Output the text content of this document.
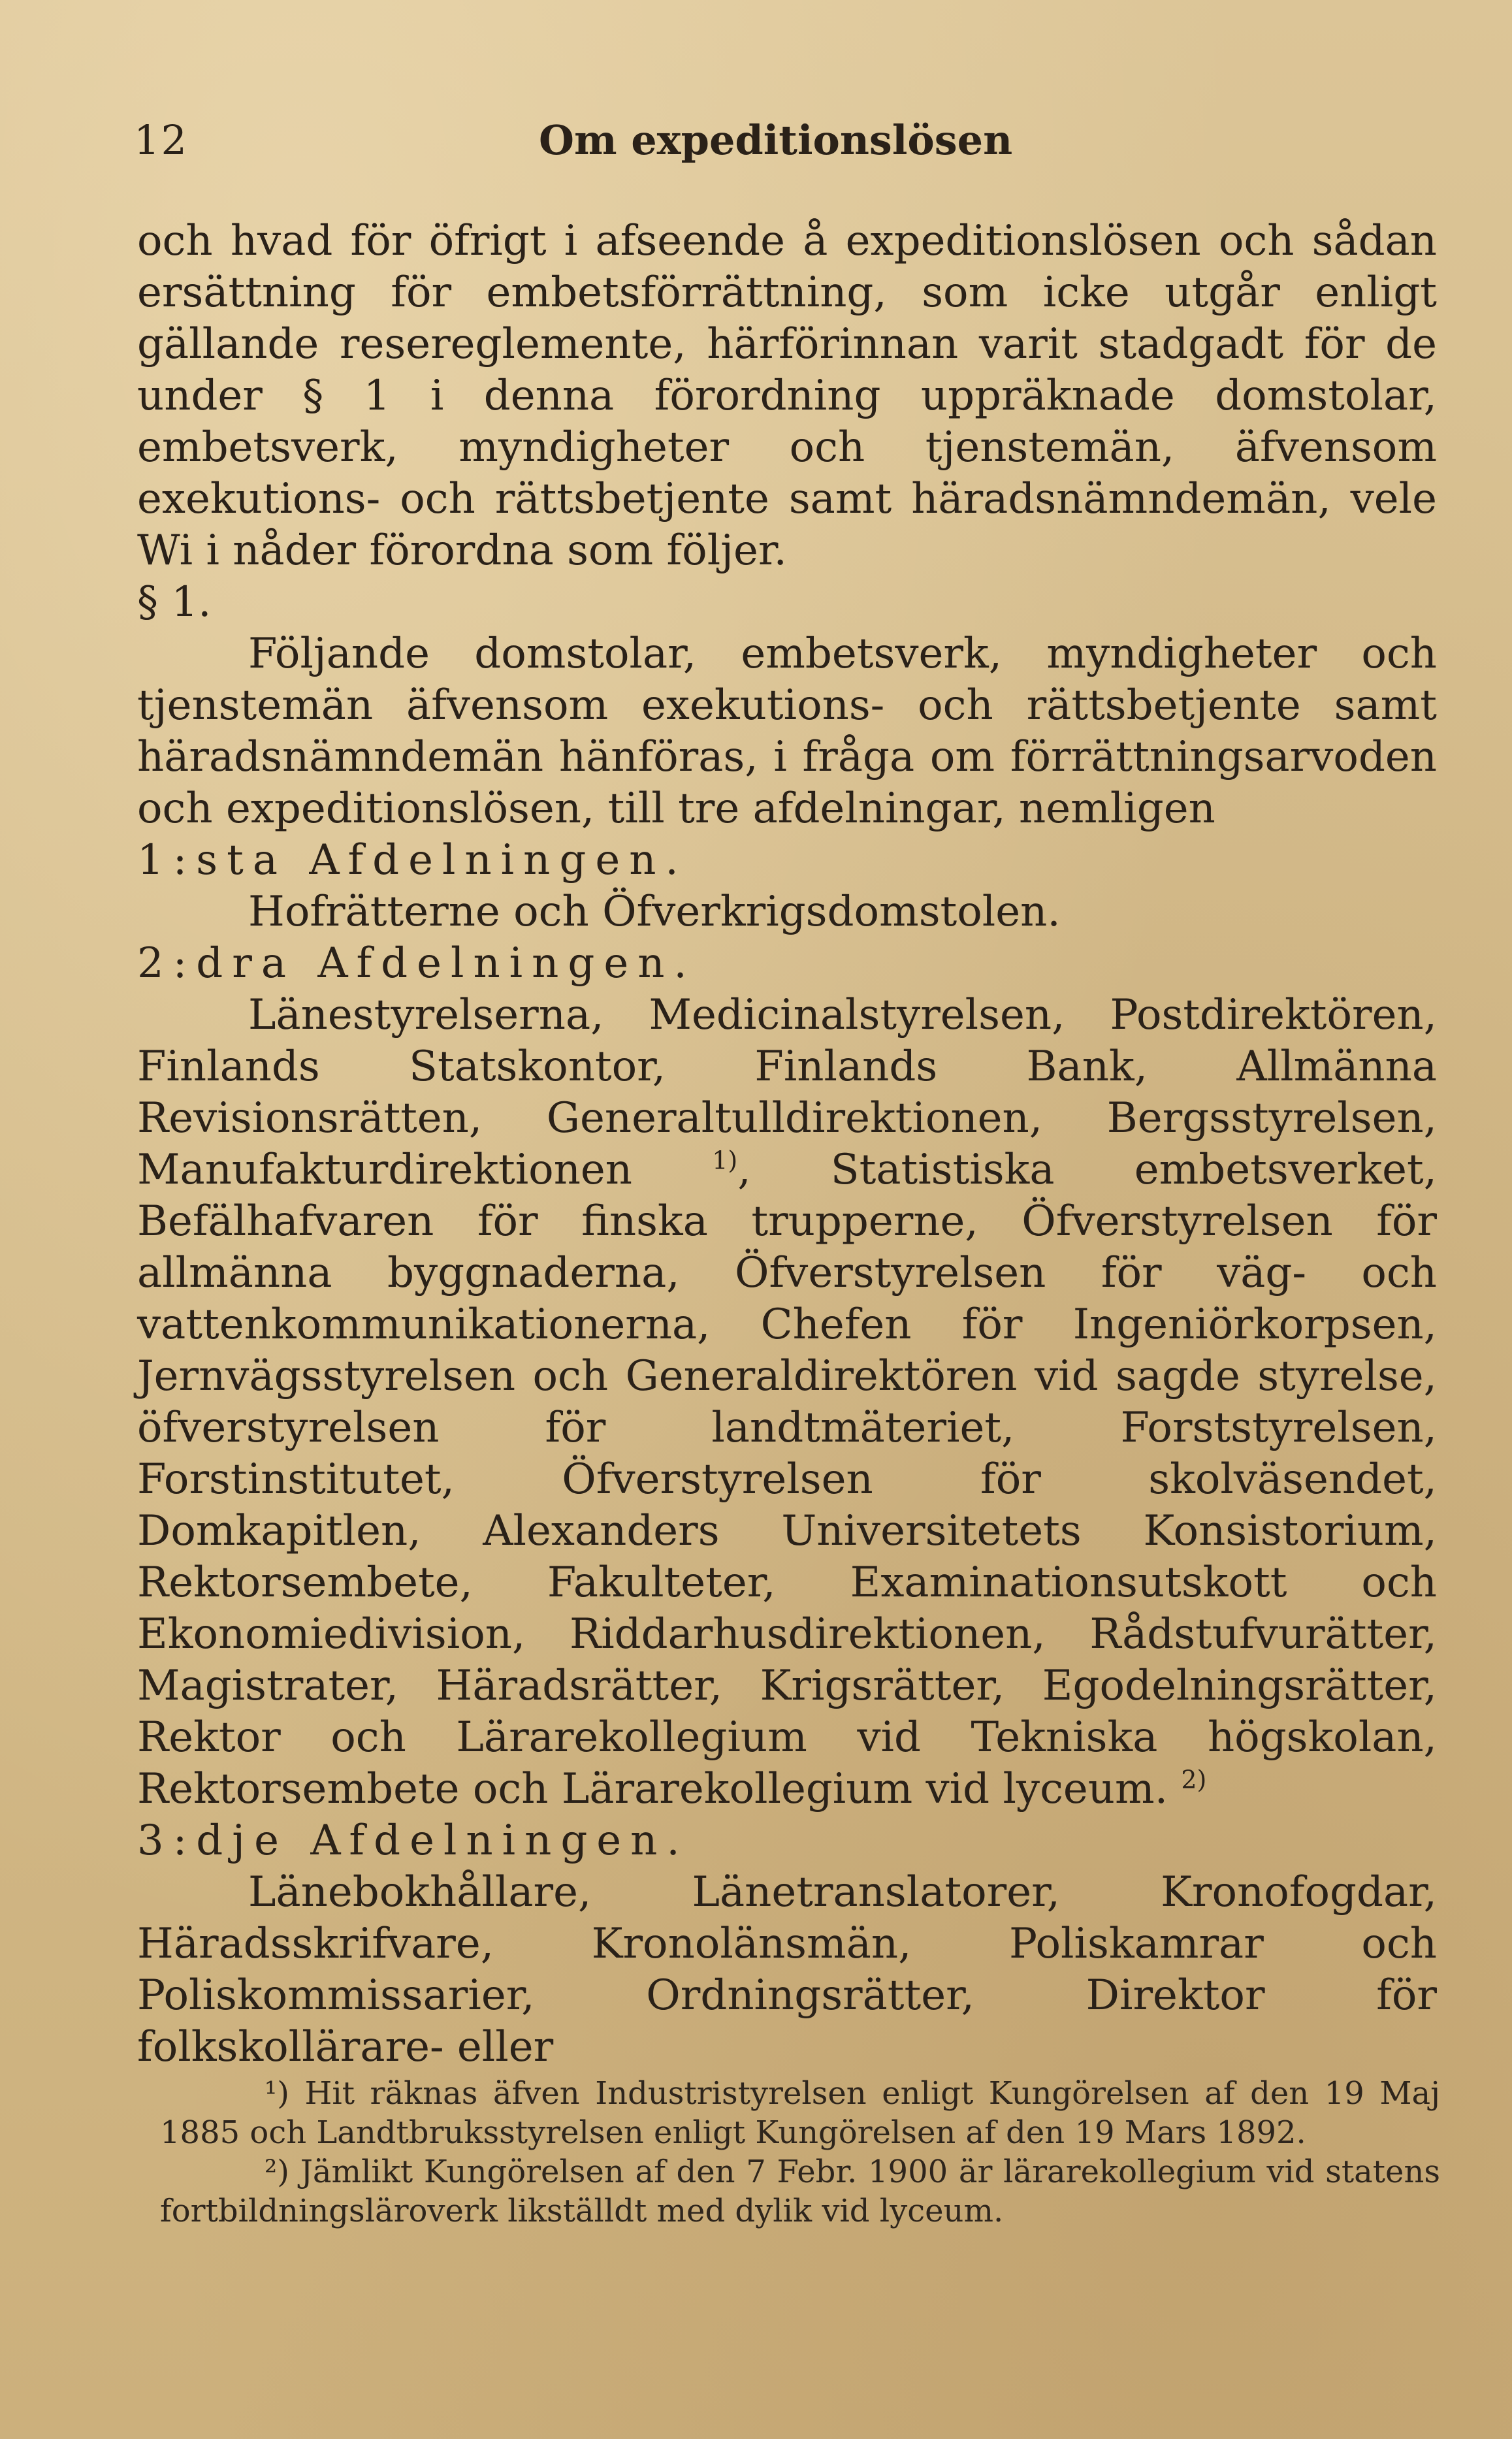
12	Om expeditionslösen

och hvad för öfrigt i afseende å expeditionslösen och sådan ersättning för embetsförrättning, som icke utgår enligt gällande resereglemente, härförinnan varit stadgadt för de under § 1 i denna förordning uppräknade domstolar, embetsverk, myndigheter och tjenstemän, äfvensom exekutions- och rättsbetjente samt häradsnämndemän, vele Wi i nåder förordna som följer.

§ 1.

Följande domstolar, embetsverk, myndigheter och tjenstemän äfvensom exekutions- och rättsbetjente samt häradsnämndemän hänföras, i fråga om förrättningsarvoden och expeditionslösen, till tre afdelningar, nemligen

1:sta Afdelningen.

Hofrätterne och Öfverkrigsdomstolen.

2:dra Afdelningen.

Länestyrelserna, Medicinalstyrelsen, Postdirektören, Finlands Statskontor, Finlands Bank, Allmänna Revisionsrätten, Generaltulldirektionen, Bergsstyrelsen, Manufakturdirektionen	$^{1)}$, Statistiska embetsverket, Befälhafvaren för finska trupperne, Öfverstyrelsen för allmänna byggnaderna, Öfverstyrelsen för väg- och vattenkommunikationerna, Chefen för Ingeniörkorpsen, Jernvägsstyrelsen och Generaldirektören vid sagde styrelse, öfverstyrelsen för landtmäteriet, Forststyrelsen, Forstinstitutet, Öfverstyrelsen för skolväsendet, Domkapitlen, Alexanders Universitetets Konsistorium, Rektorsembete, Fakulteter, Examinationsutskott och Ekonomiedivision, Riddarhusdirektionen, Rådstufvurätter, Magistrater, Häradsrätter, Krigsrätter, Egodelningsrätter, Rektor och Lärarekollegium vid Tekniska högskolan, Rektorsembete och Lärarekollegium vid lyceum. $^{2)}$

3:dje Afdelningen.

Länebokhållare, Länetranslatorer, Kronofogdar, Häradsskrifvare, Kronolänsmän, Poliskamrar och Poliskommissarier, Ordningsrätter, Direktor för folkskollärare- eller

¹) Hit räknas äfven Industristyrelsen enligt Kungörelsen af den 19 Maj 1885 och Landtbruksstyrelsen enligt Kungörelsen af den 19 Mars 1892.

²) Jämlikt Kungörelsen af den 7 Febr. 1900 är lärarekollegium vid statens fortbildningsläroverk likställdt med dylik vid lyceum.
